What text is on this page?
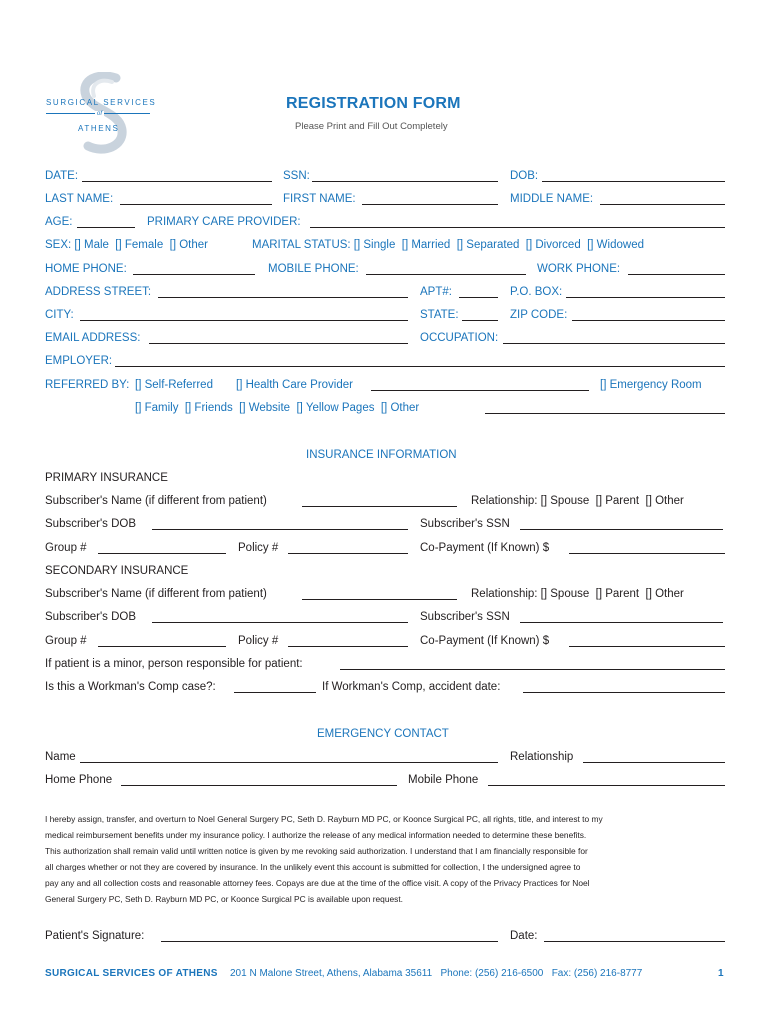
SURGICAL SERVICES
of
ATHENS
REGISTRATION FORM
Please Print and Fill Out Completely
DATE:	SSN:	DOB:
LAST NAME:	FIRST NAME:	MIDDLE NAME:
AGE:	PRIMARY CARE PROVIDER:
SEX: [] Male  [] Female  [] Other	MARITAL STATUS: [] Single  [] Married  [] Separated  [] Divorced  [] Widowed
HOME PHONE:	MOBILE PHONE:	WORK PHONE:
ADDRESS STREET:	APT#:	P.O. BOX:
CITY:	STATE:	ZIP CODE:
EMAIL ADDRESS:	OCCUPATION:
EMPLOYER:
REFERRED BY: [] Self-Referred [] Health Care Provider	[] Emergency Room
[] Family  [] Friends  [] Website  [] Yellow Pages  [] Other
INSURANCE INFORMATION
PRIMARY INSURANCE
Subscriber's Name (if different from patient)	Relationship: [] Spouse  [] Parent  [] Other
Subscriber's DOB	Subscriber's SSN
Group #	Policy #	Co-Payment (If Known) $
SECONDARY INSURANCE
Subscriber's Name (if different from patient)	Relationship: [] Spouse  [] Parent  [] Other
Subscriber's DOB	Subscriber's SSN
Group #	Policy #	Co-Payment (If Known) $
If patient is a minor, person responsible for patient:
Is this a Workman's Comp case?:	If Workman's Comp, accident date:
EMERGENCY CONTACT
Name	Relationship
Home Phone	Mobile Phone

I hereby assign, transfer, and overturn to Noel General Surgery PC, Seth D. Rayburn MD PC, or Koonce Surgical PC, all rights, title, and interest to my

medical reimbursement benefits under my insurance policy. I authorize the release of any medical information needed to determine these benefits.

This authorization shall remain valid until written notice is given by me revoking said authorization. I understand that I am financially responsible for

all charges whether or not they are covered by insurance. In the unlikely event this account is submitted for collection, I the undersigned agree to

pay any and all collection costs and reasonable attorney fees. Copays are due at the time of the office visit. A copy of the Privacy Practices for Noel

General Surgery PC, Seth D. Rayburn MD PC, or Koonce Surgical PC is available upon request.

Patient's Signature:	Date:
SURGICAL SERVICES OF ATHENS 201 N Malone Street, Athens, Alabama 35611   Phone: (256) 216-6500   Fax: (256) 216-8777	1
